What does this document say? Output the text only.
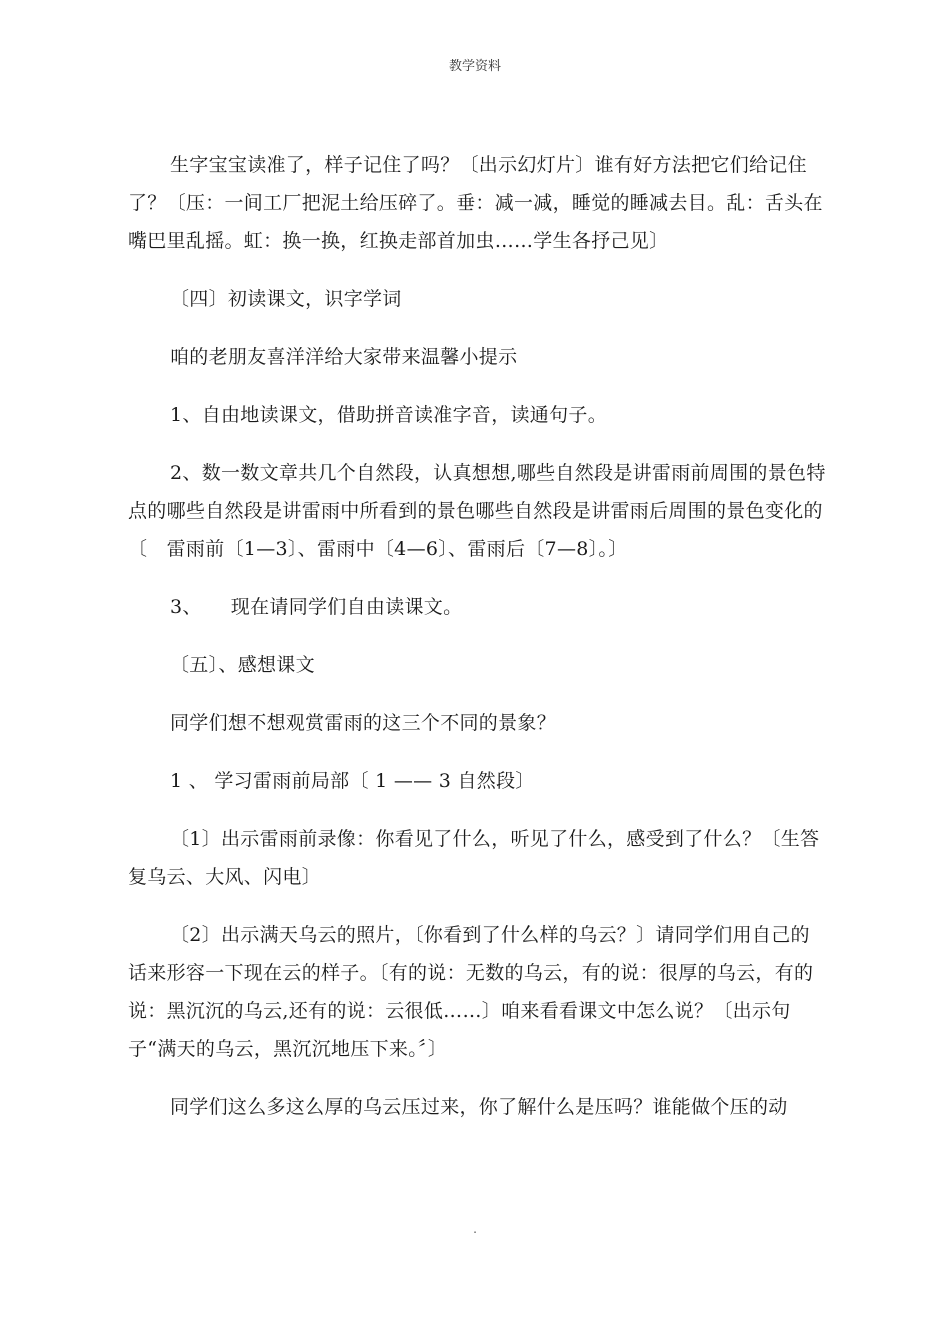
教学资料

生字宝宝读准了，样子记住了吗？〔出示幻灯片〕谁有好方法把它们给记住了？〔压：一间工厂把泥土给压碎了。垂：减一减，睡觉的睡减去目。乱：舌头在嘴巴里乱摇。虹：换一换，红换走部首加虫……学生各抒己见〕

〔四〕初读课文，识字学词

咱的老朋友喜洋洋给大家带来温馨小提示

1、自由地读课文，借助拼音读准字音，读通句子。

2、数一数文章共几个自然段，认真想想,哪些自然段是讲雷雨前周围的景色特点的哪些自然段是讲雷雨中所看到的景色哪些自然段是讲雷雨后周围的景色变化的〔　雷雨前〔1—3〕、雷雨中〔4—6〕、雷雨后〔7—8〕。〕

3、　　现在请同学们自由读课文。

〔五〕、感想课文

同学们想不想观赏雷雨的这三个不同的景象？

1 、 学习雷雨前局部〔 1 —— 3 自然段〕

〔1〕出示雷雨前录像：你看见了什么，听见了什么，感受到了什么？〔生答复乌云、大风、闪电〕

〔2〕出示满天乌云的照片，〔你看到了什么样的乌云？〕请同学们用自己的话来形容一下现在云的样子。〔有的说：无数的乌云，有的说：很厚的乌云，有的说：黑沉沉的乌云,还有的说：云很低……〕咱来看看课文中怎么说？〔出示句子“满天的乌云，黑沉沉地压下来。〞〕

同学们这么多这么厚的乌云压过来，你了解什么是压吗？谁能做个压的动

.
